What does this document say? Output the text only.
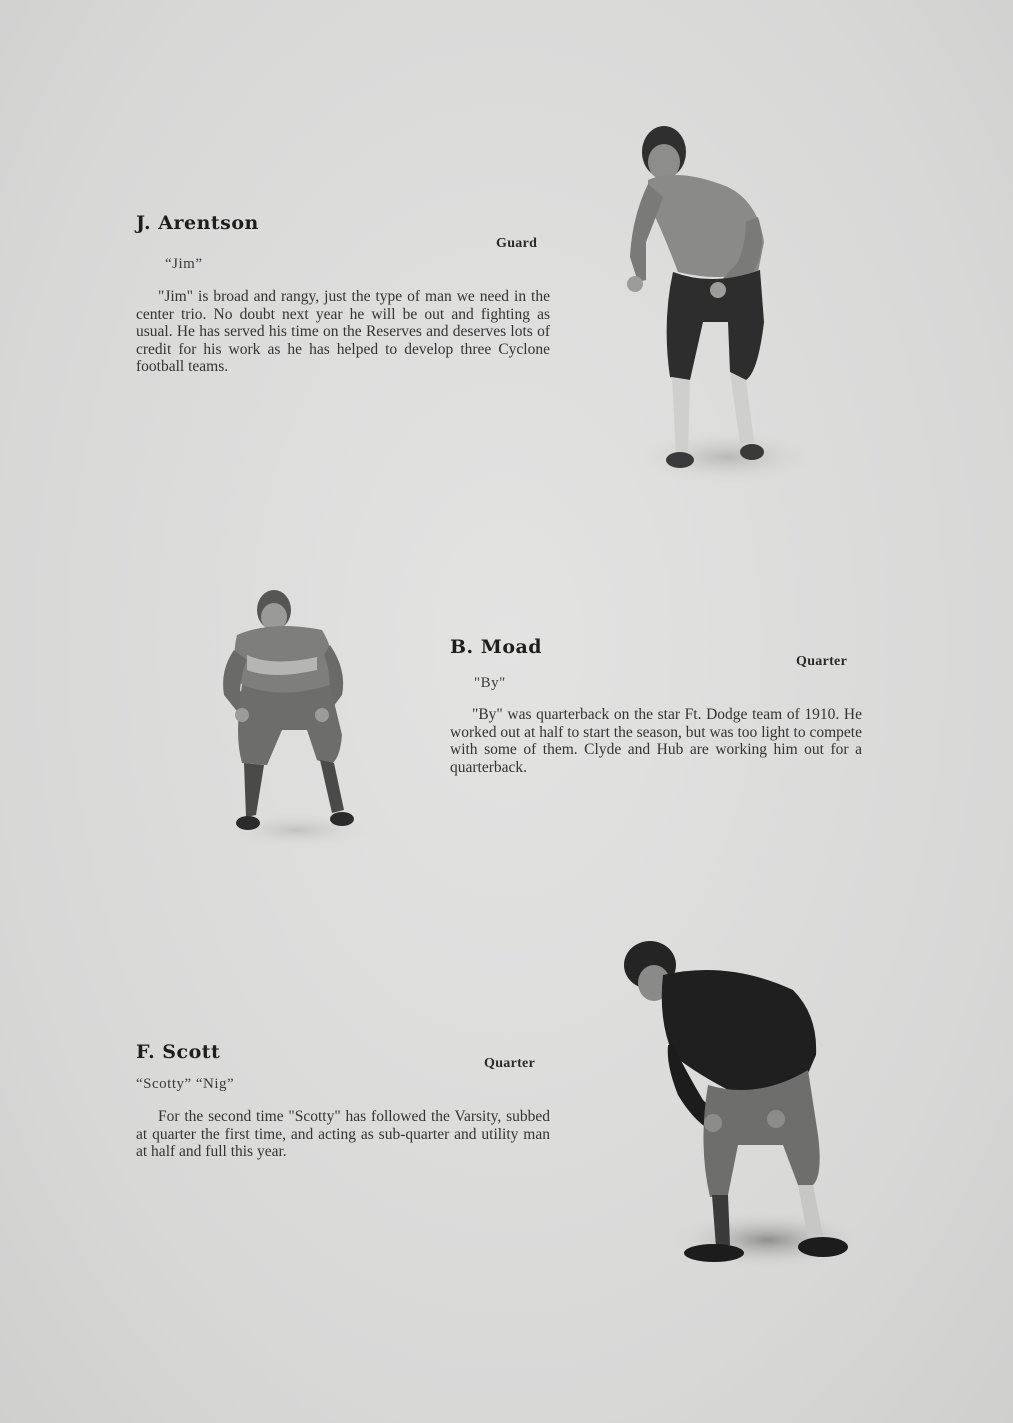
J. Arentson
Guard
“Jim”

"Jim" is broad and rangy, just the type of man we need in the center trio. No doubt next year he will be out and fighting as usual. He has served his time on the Reserves and deserves lots of credit for his work as he has helped to develop three Cyclone football teams.

B. Moad
Quarter
"By"

"By" was quarterback on the star Ft. Dodge team of 1910. He worked out at half to start the season, but was too light to compete with some of them. Clyde and Hub are working him out for a quarterback.

F. Scott
Quarter
“Scotty” “Nig”

For the second time "Scotty" has followed the Varsity, subbed at quarter the first time, and acting as sub-quarter and utility man at half and full this year.
